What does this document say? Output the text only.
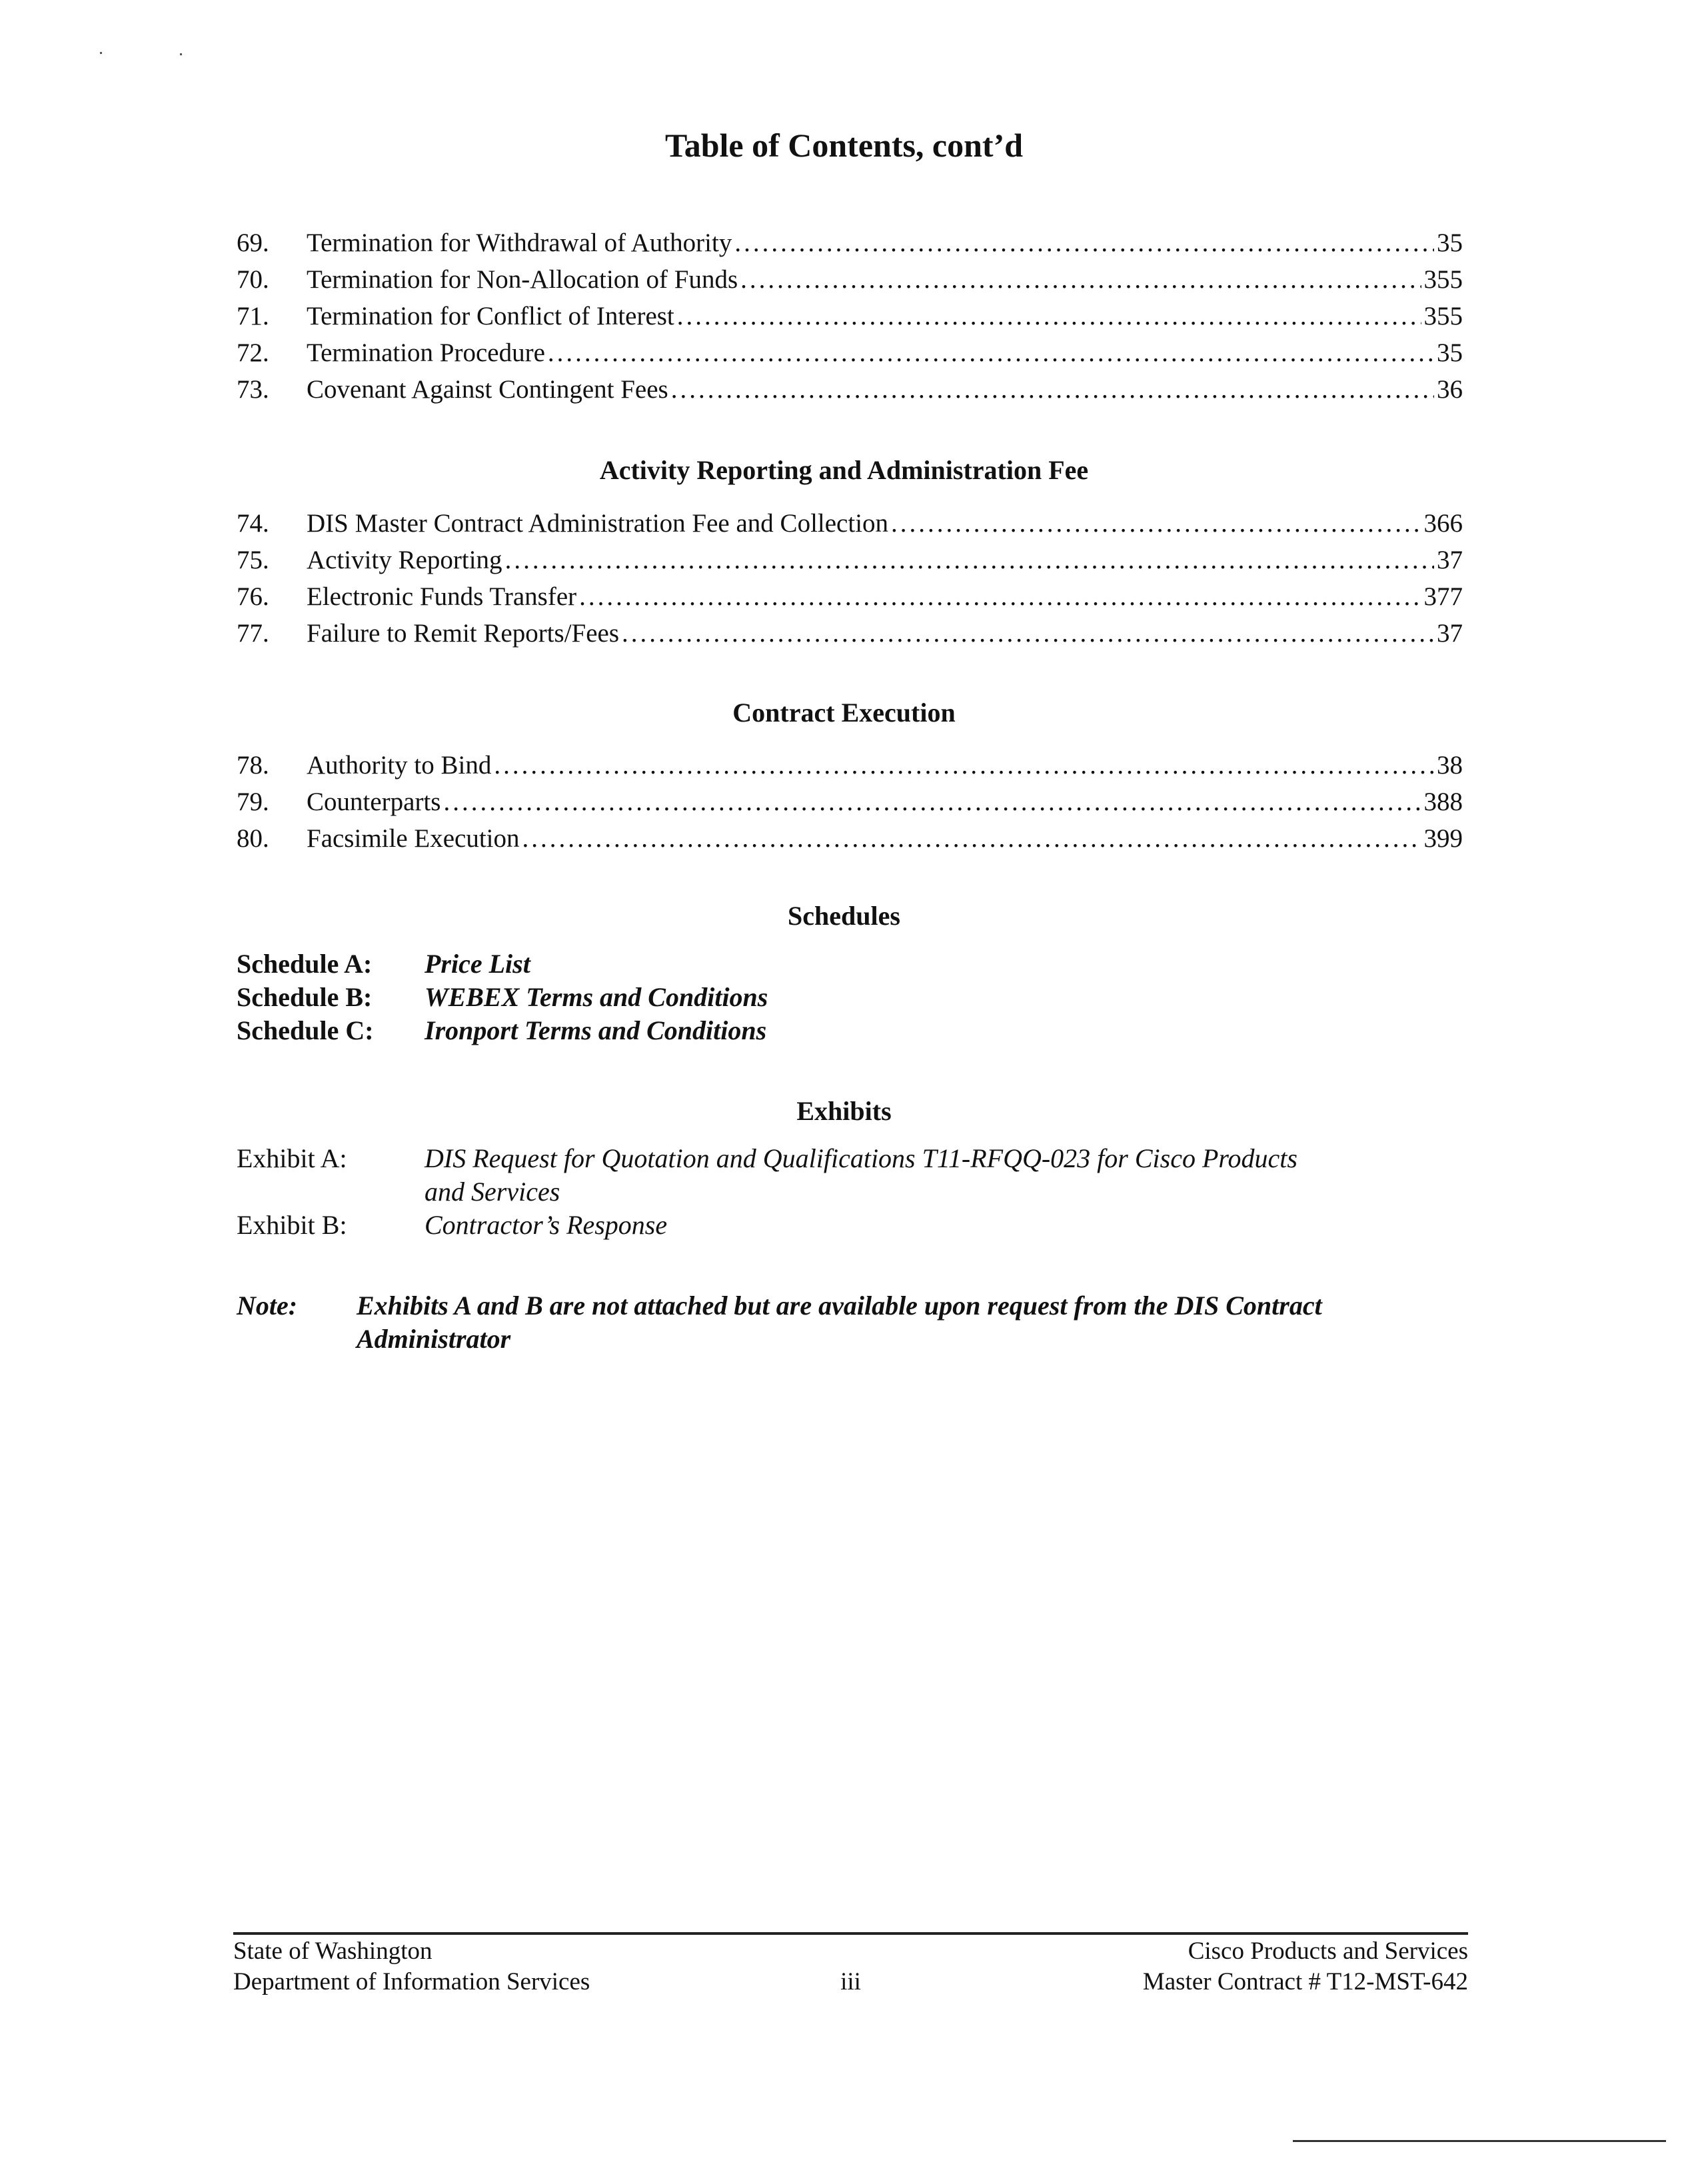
Table of Contents, cont’d
69.	Termination for Withdrawal of Authority .....	35
70.	Termination for Non-Allocation of Funds .....	355
71.	Termination for Conflict of Interest .....	355
72.	Termination Procedure .....	35
73.	Covenant Against Contingent Fees .....	36
Activity Reporting and Administration Fee
74.	DIS Master Contract Administration Fee and Collection .....	366
75.	Activity Reporting .....	37
76.	Electronic Funds Transfer .....	377
77.	Failure to Remit Reports/Fees .....	37
Contract Execution
78.	Authority to Bind .....	38
79.	Counterparts .....	388
80.	Facsimile Execution .....	399
Schedules
Schedule A:	Price List
Schedule B:	WEBEX Terms and Conditions
Schedule C:	Ironport Terms and Conditions
Exhibits
Exhibit A:	DIS Request for Quotation and Qualifications T11-RFQQ-023 for Cisco Products and Services
Exhibit B:	Contractor’s Response
Note:	Exhibits A and B are not attached but are available upon request from the DIS Contract Administrator
State of Washington
Department of Information Services	iii
Cisco Products and Services
Master Contract # T12-MST-642
